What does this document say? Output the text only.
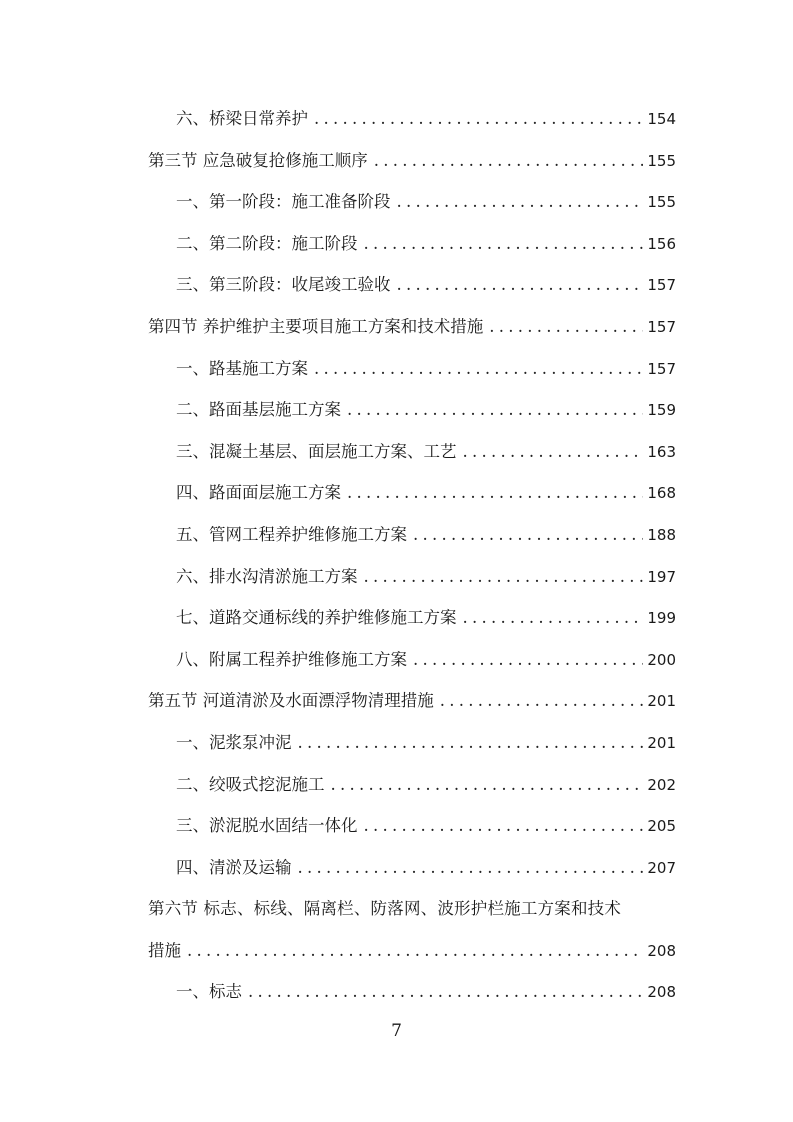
六、桥梁日常养护 . . .	154
第三节 应急破复抢修施工顺序 . . .	155
一、第一阶段：施工准备阶段 . . .	155
二、第二阶段：施工阶段 . . .	156
三、第三阶段：收尾竣工验收 . . .	157
第四节 养护维护主要项目施工方案和技术措施 . . .	157
一、路基施工方案 . . .	157
二、路面基层施工方案 . . .	159
三、混凝土基层、面层施工方案、工艺 . . .	163
四、路面面层施工方案 . . .	168
五、管网工程养护维修施工方案 . . .	188
六、排水沟清淤施工方案 . . .	197
七、道路交通标线的养护维修施工方案 . . .	199
八、附属工程养护维修施工方案 . . .	200
第五节 河道清淤及水面漂浮物清理措施 . . .	201
一、泥浆泵冲泥 . . .	201
二、绞吸式挖泥施工 . . .	202
三、淤泥脱水固结一体化 . . .	205
四、清淤及运输 . . .	207
第六节 标志、标线、隔离栏、防落网、波形护栏施工方案和技术
措施 . . .	208
一、标志 . . .	208
7
